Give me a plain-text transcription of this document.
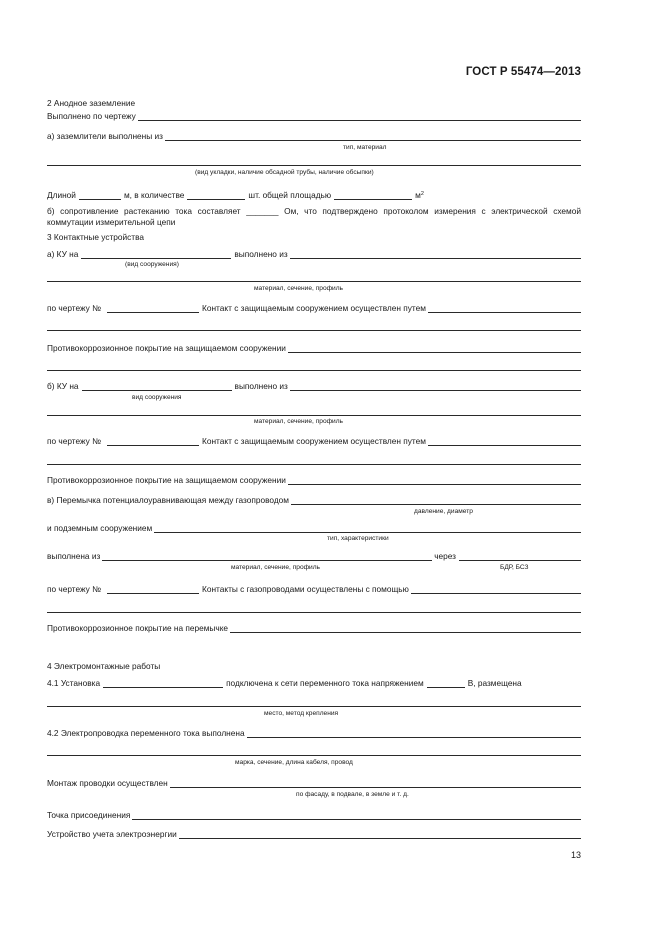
ГОСТ Р 55474—2013
2 Анодное заземление
Выполнено по чертежу
а) заземлители выполнены из
тип, материал
(вид укладки, наличие обсадной трубы, наличие обсыпки)
Длиной	м, в количестве	шт. общей площадью	$м^2$
б) сопротивление растеканию тока составляет _______ Ом, что подтверждено протоколом измерения с электрической схемой коммутации измерительной цепи
3 Контактные устройства
а) КУ на	выполнено из
(вид сооружения)
материал, сечение, профиль
по чертежу №	Контакт с защищаемым сооружением осуществлен путем
Противокоррозионное покрытие на защищаемом сооружении
б) КУ на	выполнено из
вид сооружения
материал, сечение, профиль
по чертежу №	Контакт с защищаемым сооружением осуществлен путем
Противокоррозионное покрытие на защищаемом сооружении
в) Перемычка потенциалоуравнивающая между газопроводом
давление, диаметр
и подземным сооружением
тип, характеристики
выполнена из	через
материал, сечение, профиль	БДР, БСЗ
по чертежу №	Контакты с газопроводами осуществлены с помощью
Противокоррозионное покрытие на перемычке
4 Электромонтажные работы
4.1 Установка	подключена к сети переменного тока напряжением	В, размещена
место, метод крепления
4.2 Электропроводка переменного тока выполнена
марка, сечение, длина кабеля, провод
Монтаж проводки осуществлен
по фасаду, в подвале, в земле и т. д.
Точка присоединения
Устройство учета электроэнергии
13
